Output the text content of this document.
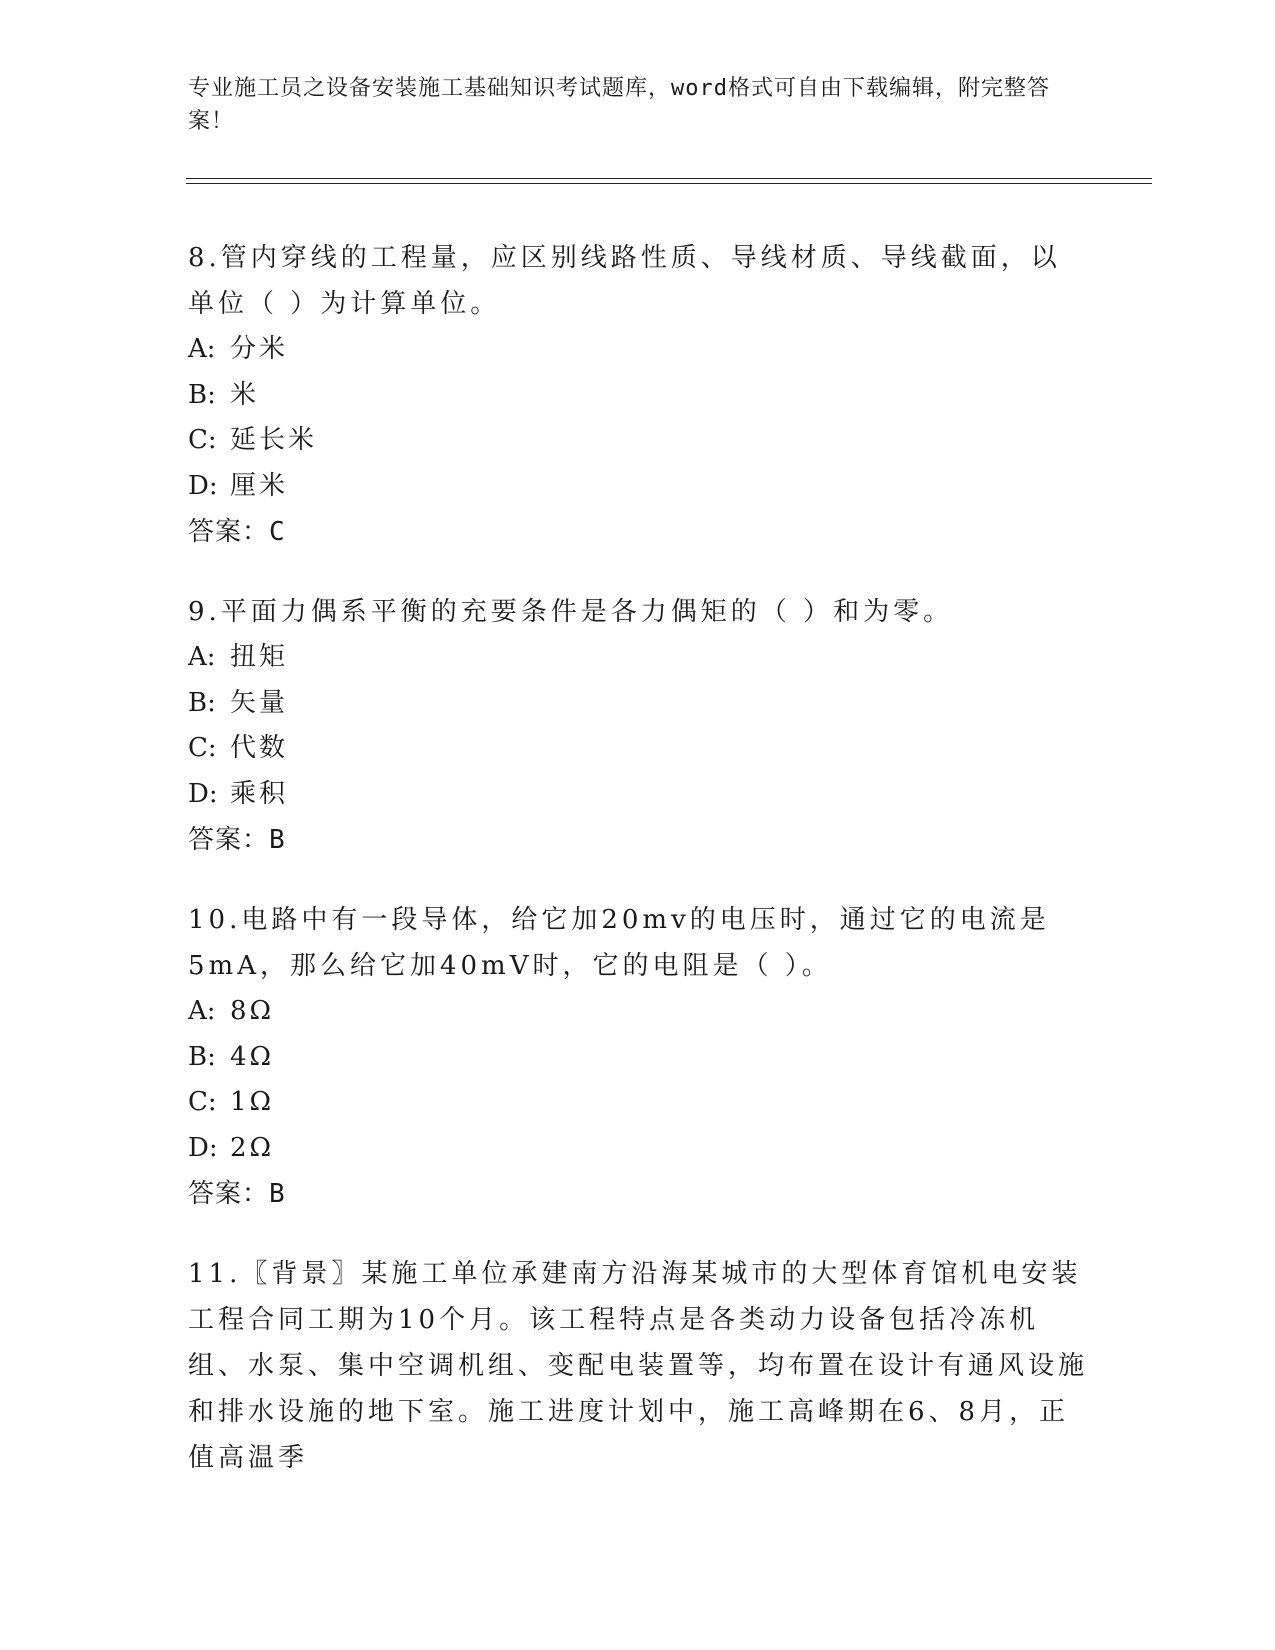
专业施工员之设备安装施工基础知识考试题库，word格式可自由下载编辑，附完整答案！

8.管内穿线的工程量，应区别线路性质、导线材质、导线截面，以单位（ ）为计算单位。

A: 分米

B: 米

C: 延长米

D: 厘米

答案：C

9.平面力偶系平衡的充要条件是各力偶矩的（ ）和为零。

A: 扭矩

B: 矢量

C: 代数

D: 乘积

答案：B

10.电路中有一段导体，给它加20mv的电压时，通过它的电流是5mA，那么给它加40mV时，它的电阻是（ ）。

A: 8Ω

B: 4Ω

C: 1Ω

D: 2Ω

答案：B

11.〖背景〗某施工单位承建南方沿海某城市的大型体育馆机电安装工程合同工期为10个月。该工程特点是各类动力设备包括冷冻机组、水泵、集中空调机组、变配电装置等，均布置在设计有通风设施和排水设施的地下室。施工进度计划中，施工高峰期在6、8月，正值高温季
